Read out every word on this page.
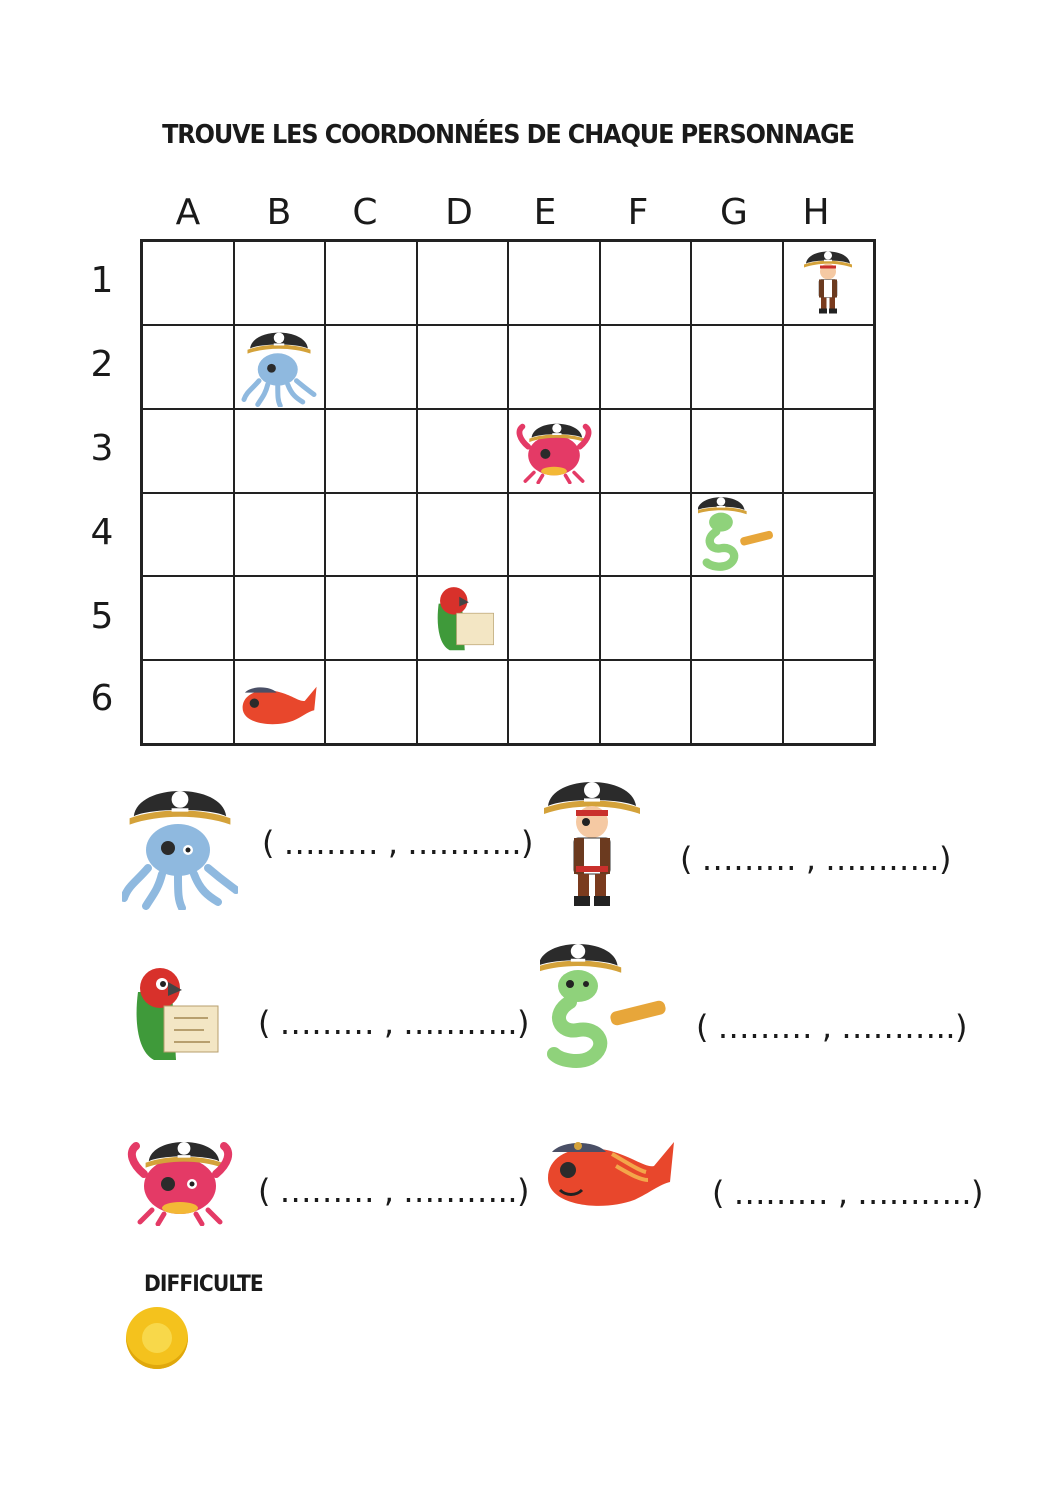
TROUVE LES COORDONNÉES DE CHAQUE PERSONNAGE
A	B	C	D	E	F	G	H
1
2
3
4
5
6
( ……… , ………..)	( ……… , ………..)
( ……… , ………..)	( ……… , ………..)
( ……… , ………..)	( ……… , ………..)
DIFFICULTE
